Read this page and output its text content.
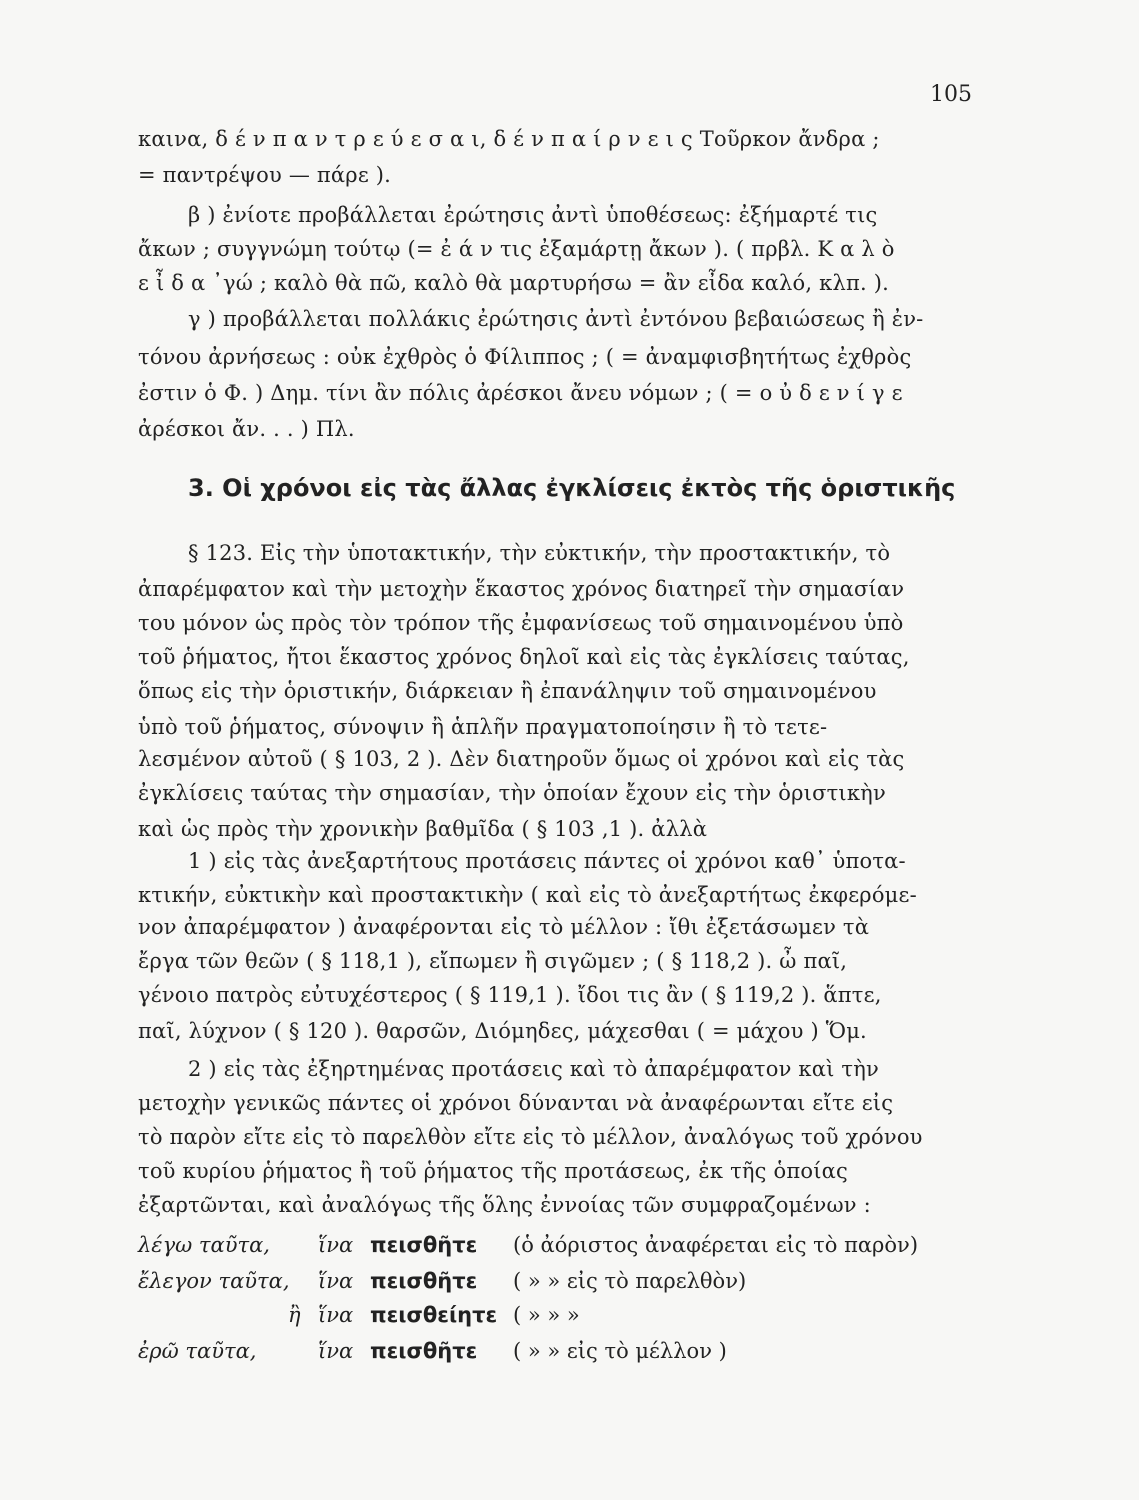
105
καινα, δ έ ν π α ν τ ρ ε ύ ε σ α ι, δ έ ν π α ί ρ ν ε ι ς Τοῦρκον ἄνδρα ;
= παντρέψου — πάρε ).
β ) ἐνίοτε προβάλλεται ἐρώτησις ἀντὶ ὑποθέσεως: ἐξήμαρτέ τις
ἄκων ; συγγνώμη τούτῳ (= ἐ ά ν τις ἐξαμάρτῃ ἄκων ). ( πρβλ. Κ α λ ὸ
ε ἶ δ α ᾽γώ ; καλὸ θὰ πῶ, καλὸ θὰ μαρτυρήσω = ἂν εἶδα καλό, κλπ. ).
γ ) προβάλλεται πολλάκις ἐρώτησις ἀντὶ ἐντόνου βεβαιώσεως ἢ ἐν-
τόνου ἀρνήσεως : οὐκ ἐχθρὸς ὁ Φίλιππος ; ( = ἀναμφισβητήτως ἐχθρὸς
ἐστιν ὁ Φ. ) Δημ. τίνι ἂν πόλις ἀρέσκοι ἄνευ νόμων ; ( = ο ὐ δ ε ν ί γ ε
ἀρέσκοι ἄν. . . ) Πλ.
3. Οἱ χρόνοι εἰς τὰς ἄλλας ἐγκλίσεις ἐκτὸς τῆς ὁριστικῆς
§ 123. Εἰς τὴν ὑποτακτικήν, τὴν εὐκτικήν, τὴν προστακτικήν, τὸ
ἀπαρέμφατον καὶ τὴν μετοχὴν ἕκαστος χρόνος διατηρεῖ τὴν σημασίαν
του μόνον ὡς πρὸς τὸν τρόπον τῆς ἐμφανίσεως τοῦ σημαινομένου ὑπὸ
τοῦ ῥήματος, ἤτοι ἕκαστος χρόνος δηλοῖ καὶ εἰς τὰς ἐγκλίσεις ταύτας,
ὅπως εἰς τὴν ὁριστικήν, διάρκειαν ἢ ἐπανάληψιν τοῦ σημαινομένου
ὑπὸ τοῦ ῥήματος, σύνοψιν ἢ ἁπλῆν πραγματοποίησιν ἢ τὸ τετε-
λεσμένον αὐτοῦ ( § 103, 2 ). Δὲν διατηροῦν ὅμως οἱ χρόνοι καὶ εἰς τὰς
ἐγκλίσεις ταύτας τὴν σημασίαν, τὴν ὁποίαν ἔχουν εἰς τὴν ὁριστικὴν
καὶ ὡς πρὸς τὴν χρονικὴν βαθμῖδα ( § 103 ,1 ). ἀλλὰ
1 ) εἰς τὰς ἀνεξαρτήτους προτάσεις πάντες οἱ χρόνοι καθ᾽ ὑποτα-
κτικήν, εὐκτικὴν καὶ προστακτικὴν ( καὶ εἰς τὸ ἀνεξαρτήτως ἐκφερόμε-
νον ἀπαρέμφατον ) ἀναφέρονται εἰς τὸ μέλλον : ἴθι ἐξετάσωμεν τὰ
ἔργα τῶν θεῶν ( § 118,1 ), εἴπωμεν ἢ σιγῶμεν ; ( § 118,2 ). ὦ παῖ,
γένοιο πατρὸς εὐτυχέστερος ( § 119,1 ). ἴδοι τις ἂν ( § 119,2 ). ἅπτε,
παῖ, λύχνον ( § 120 ). θαρσῶν, Διόμηδες, μάχεσθαι ( = μάχου ) Ὅμ.
2 ) εἰς τὰς ἐξηρτημένας προτάσεις καὶ τὸ ἀπαρέμφατον καὶ τὴν
μετοχὴν γενικῶς πάντες οἱ χρόνοι δύνανται νὰ ἀναφέρωνται εἴτε εἰς
τὸ παρὸν εἴτε εἰς τὸ παρελθὸν εἴτε εἰς τὸ μέλλον, ἀναλόγως τοῦ χρόνου
τοῦ κυρίου ῥήματος ἢ τοῦ ῥήματος τῆς προτάσεως, ἐκ τῆς ὁποίας
ἐξαρτῶνται, καὶ ἀναλόγως τῆς ὅλης ἐννοίας τῶν συμφραζομένων :
λέγω ταῦτα, ἵνα πεισθῆτε (ὁ ἀόριστος ἀναφέρεται εἰς τὸ παρὸν)
ἔλεγον ταῦτα, ἵνα πεισθῆτε ( » » εἰς τὸ παρελθὸν)
ἢ ἵνα πεισθείητε ( » » »
ἐρῶ ταῦτα,	ἵνα πεισθῆτε ( » » εἰς τὸ μέλλον )
